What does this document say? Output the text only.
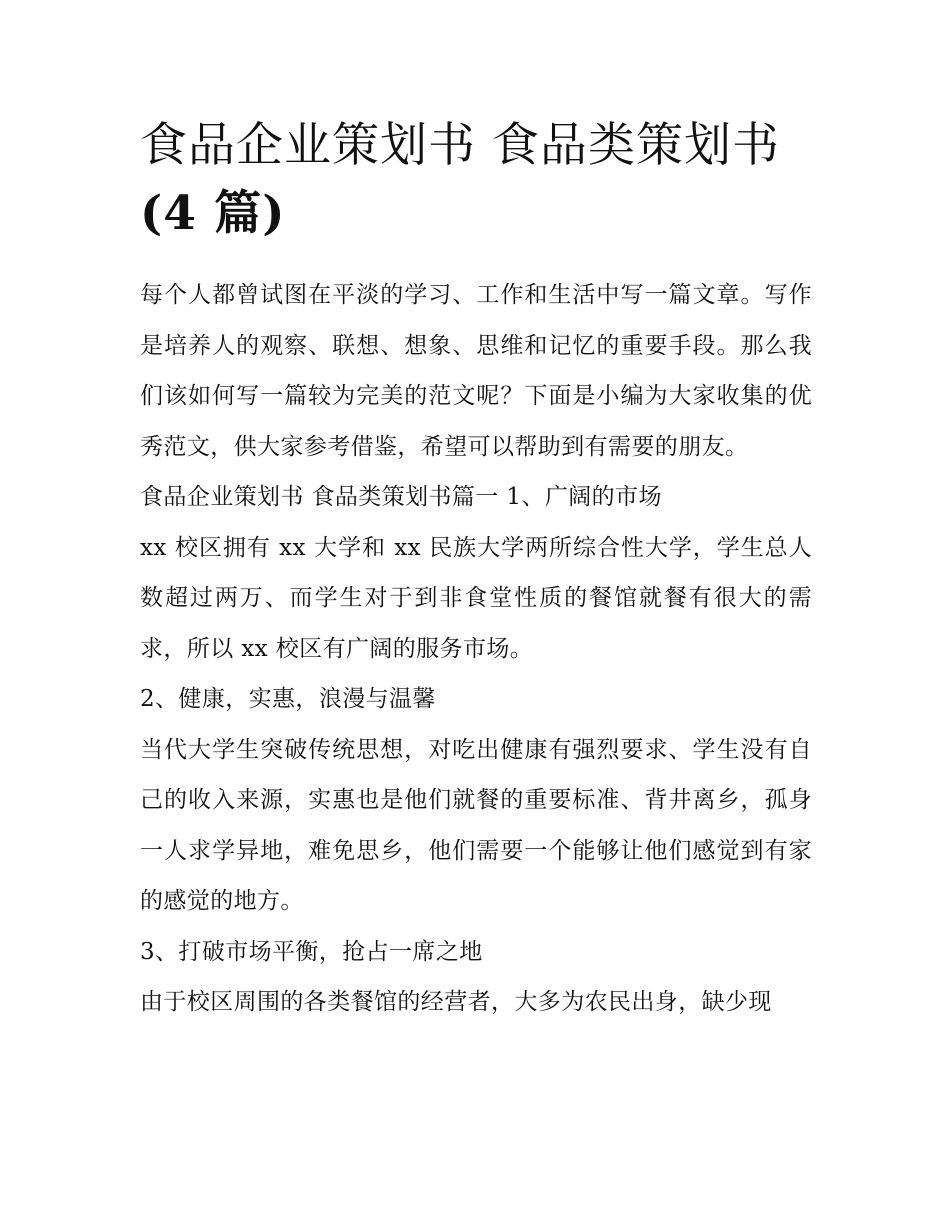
食品企业策划书 食品类策划书
(4 篇)

每个人都曾试图在平淡的学习、工作和生活中写一篇文章。写作是培养人的观察、联想、想象、思维和记忆的重要手段。那么我们该如何写一篇较为完美的范文呢？下面是小编为大家收集的优秀范文，供大家参考借鉴，希望可以帮助到有需要的朋友。

食品企业策划书 食品类策划书篇一 1、广阔的市场

xx 校区拥有 xx 大学和 xx 民族大学两所综合性大学，学生总人数超过两万、而学生对于到非食堂性质的餐馆就餐有很大的需求，所以 xx 校区有广阔的服务市场。

2、健康，实惠，浪漫与温馨

当代大学生突破传统思想，对吃出健康有强烈要求、学生没有自己的收入来源，实惠也是他们就餐的重要标准、背井离乡，孤身一人求学异地，难免思乡，他们需要一个能够让他们感觉到有家的感觉的地方。

3、打破市场平衡，抢占一席之地

由于校区周围的各类餐馆的经营者，大多为农民出身，缺少现
